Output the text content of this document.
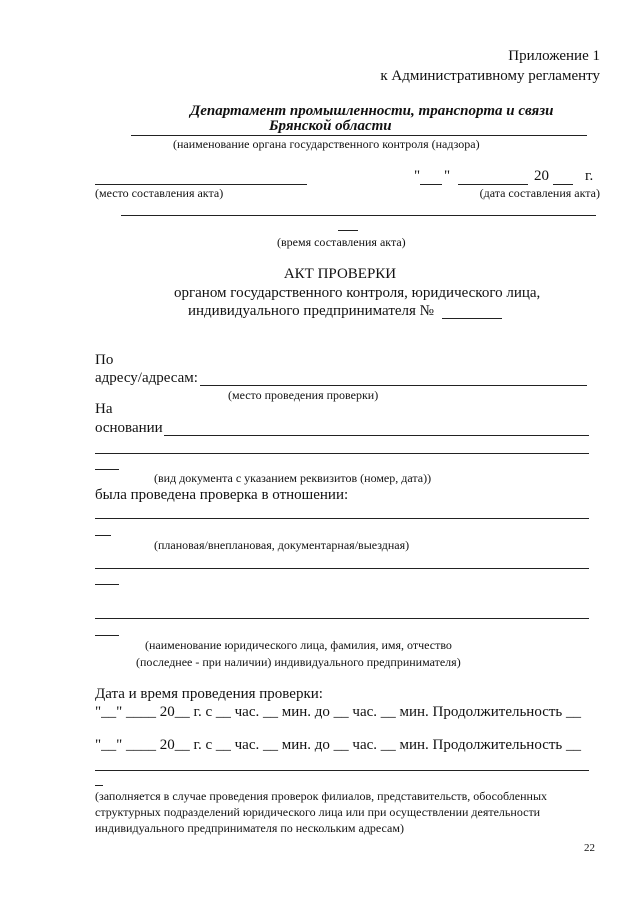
Приложение 1
к Административному регламенту
Департамент промышленности, транспорта и связи
Брянской области
(наименование органа государственного контроля (надзора)
" "	20 г.
(место составления акта)	(дата составления акта)
(время составления акта)
АКТ ПРОВЕРКИ
органом государственного контроля, юридического лица,
индивидуального предпринимателя №
По
адресу/адресам:
(место проведения проверки)
На
основании
(вид документа с указанием реквизитов (номер, дата))
была проведена проверка в отношении:
(плановая/внеплановая, документарная/выездная)
(наименование юридического лица, фамилия, имя, отчество
(последнее - при наличии) индивидуального предпринимателя)
Дата и время проведения проверки:
"__" ____ 20__ г. с __ час. __ мин. до __ час. __ мин. Продолжительность __
"__" ____ 20__ г. с __ час. __ мин. до __ час. __ мин. Продолжительность __
(заполняется в случае проведения проверок филиалов, представительств, обособленных
структурных подразделений юридического лица или при осуществлении деятельности
индивидуального предпринимателя по нескольким адресам)
22
